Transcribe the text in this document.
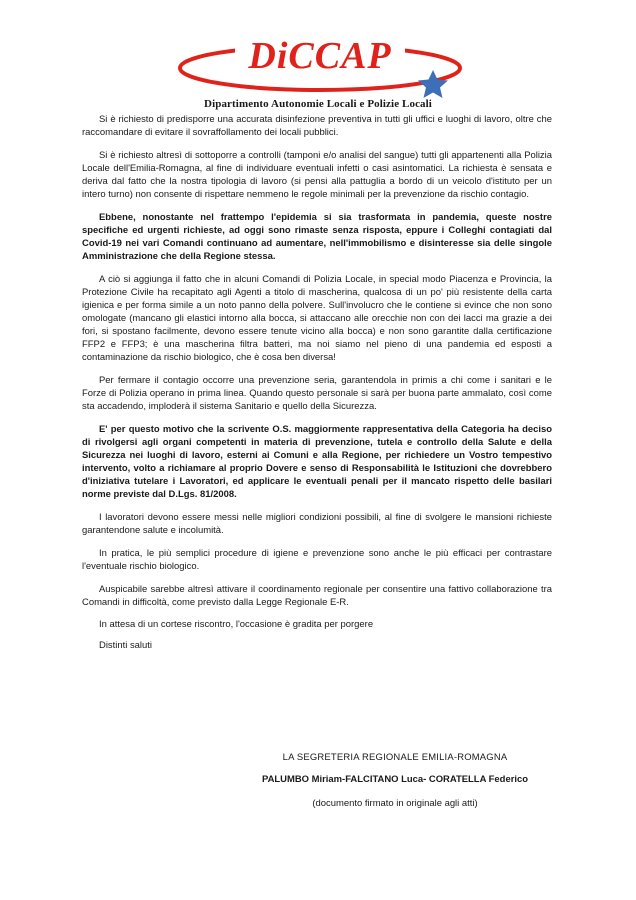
DiCCAP
Dipartimento Autonomie Locali e Polizie Locali

Si è richiesto di predisporre una accurata disinfezione preventiva in tutti gli uffici e luoghi di lavoro, oltre che raccomandare di evitare il sovraffollamento dei locali pubblici.

Si è richiesto altresì di sottoporre a controlli (tamponi e/o analisi del sangue) tutti gli appartenenti alla Polizia Locale dell'Emilia-Romagna, al fine di individuare eventuali infetti o casi asintomatici. La richiesta è sensata e deriva dal fatto che la nostra tipologia di lavoro (si pensi alla pattuglia a bordo di un veicolo d'istituto per un intero turno) non consente di rispettare nemmeno le regole minimali per la prevenzione da rischio contagio.

Ebbene, nonostante nel frattempo l'epidemia si sia trasformata in pandemia, queste nostre specifiche ed urgenti richieste, ad oggi sono rimaste senza risposta, eppure i Colleghi contagiati dal Covid-19 nei vari Comandi continuano ad aumentare, nell'immobilismo e disinteresse sia delle singole Amministrazione che della Regione stessa.

A ciò si aggiunga il fatto che in alcuni Comandi di Polizia Locale, in special modo Piacenza e Provincia, la Protezione Civile ha recapitato agli Agenti a titolo di mascherina, qualcosa di un po' più resistente della carta igienica e per forma simile a un noto panno della polvere. Sull'involucro che le contiene si evince che non sono omologate (mancano gli elastici intorno alla bocca, si attaccano alle orecchie non con dei lacci ma grazie a dei fori, si spostano facilmente, devono essere tenute vicino alla bocca) e non sono garantite dalla certificazione FFP2 e FFP3; è una mascherina filtra batteri, ma noi siamo nel pieno di una pandemia ed esposti a contaminazione da rischio biologico, che è cosa ben diversa!

Per fermare il contagio occorre una prevenzione seria, garantendola in primis a chi come i sanitari e le Forze di Polizia operano in prima linea. Quando questo personale si sarà per buona parte ammalato, così come sta accadendo, imploderà il sistema Sanitario e quello della Sicurezza.

E' per questo motivo che la scrivente O.S. maggiormente rappresentativa della Categoria ha deciso di rivolgersi agli organi competenti in materia di prevenzione, tutela e controllo della Salute e della Sicurezza nei luoghi di lavoro, esterni ai Comuni e alla Regione, per richiedere un Vostro tempestivo intervento, volto a richiamare al proprio Dovere e senso di Responsabilità le Istituzioni che dovrebbero d'iniziativa tutelare i Lavoratori, ed applicare le eventuali penali per il mancato rispetto delle basilari norme previste dal D.Lgs. 81/2008.

I lavoratori devono essere messi nelle migliori condizioni possibili, al fine di svolgere le mansioni richieste garantendone salute e incolumità.

In pratica, le più semplici procedure di igiene e prevenzione sono anche le più efficaci per contrastare l'eventuale rischio biologico.

Auspicabile sarebbe altresì attivare il coordinamento regionale per consentire una fattivo collaborazione tra Comandi in difficoltà, come previsto dalla Legge Regionale E-R.

In attesa di un cortese riscontro, l'occasione è gradita per porgere

Distinti saluti

LA SEGRETERIA REGIONALE EMILIA-ROMAGNA
PALUMBO Miriam-FALCITANO Luca- CORATELLA Federico
(documento firmato in originale agli atti)
